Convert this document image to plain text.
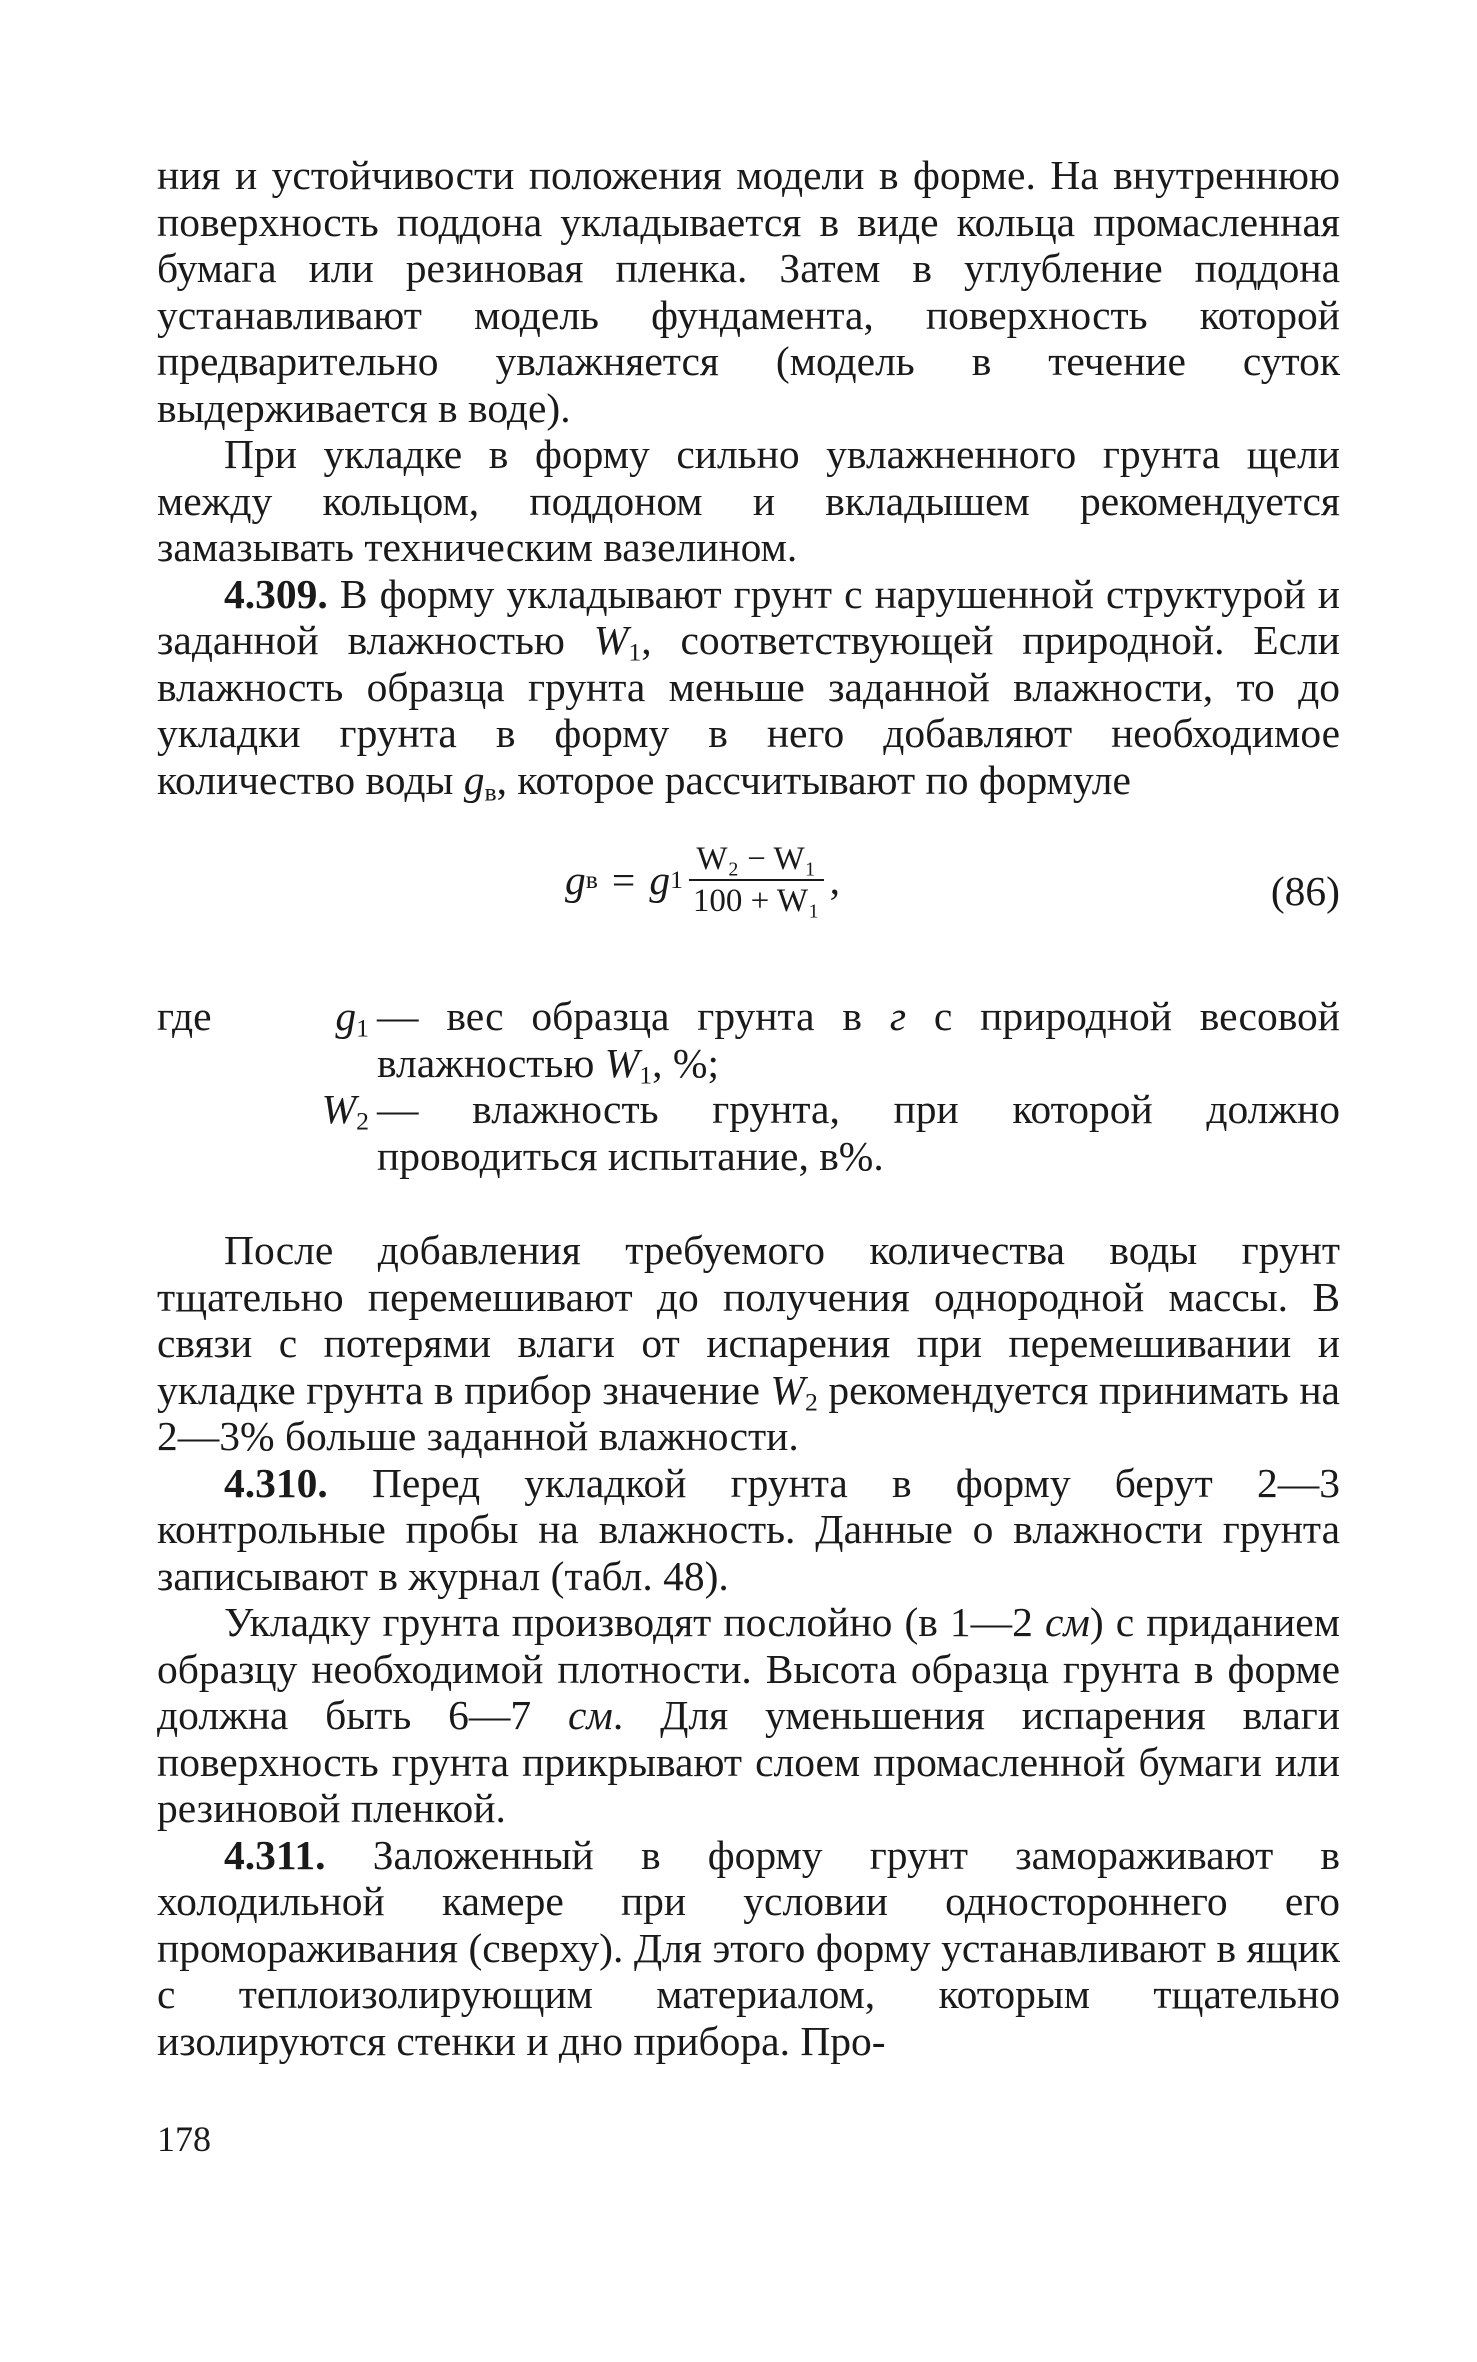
ния и устойчивости положения модели в форме. На внутреннюю поверхность поддона укладывается в виде кольца промасленная бумага или резиновая пленка. Затем в углубление поддона устанавливают модель фундамента, поверхность которой предварительно увлажняется (модель в течение суток выдерживается в воде).

При укладке в форму сильно увлажненного грунта щели между кольцом, поддоном и вкладышем рекомендуется замазывать техническим вазелином.

4.309. В форму укладывают грунт с нарушенной структурой и заданной влажностью $W_1$, соответствующей природной. Если влажность образца грунта меньше заданной влажности, то до укладки грунта в форму в него добавляют необходимое количество воды $g_в$, которое рассчитывают по формуле

g в = g $1 \frac{\text{W₂ − W₁}}{\text{100 + W₁}}$ ,	(86)
где	$g_1$ — вес образца грунта в г с природной весовой влажностью $W_1$, %;
$W_2$ — влажность грунта, при которой должно проводиться испытание, в%.

После добавления требуемого количества воды грунт тщательно перемешивают до получения однородной массы. В связи с потерями влаги от испарения при перемешивании и укладке грунта в прибор значение $W_2$ рекомендуется принимать на 2—3% больше заданной влажности.

4.310. Перед укладкой грунта в форму берут 2—3 контрольные пробы на влажность. Данные о влажности грунта записывают в журнал (табл. 48).

Укладку грунта производят послойно (в 1—2 см) с приданием образцу необходимой плотности. Высота образца грунта в форме должна быть 6—7 см. Для уменьшения испарения влаги поверхность грунта прикрывают слоем промасленной бумаги или резиновой пленкой.

4.311. Заложенный в форму грунт замораживают в холодильной камере при условии одностороннего его промораживания (сверху). Для этого форму устанавливают в ящик с теплоизолирующим материалом, которым тщательно изолируются стенки и дно прибора. Про-

178
